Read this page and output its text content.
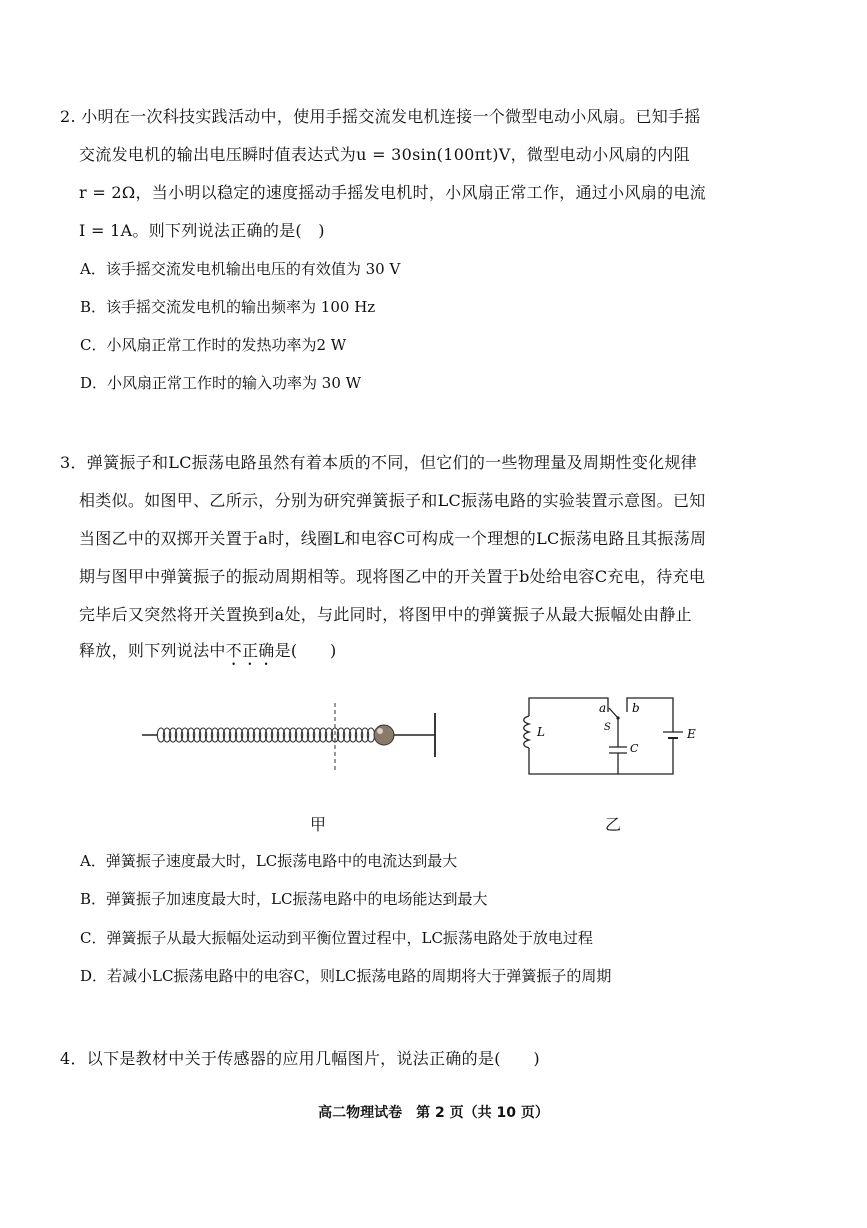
2. 小明在一次科技实践活动中，使用手摇交流发电机连接一个微型电动小风扇。已知手摇
交流发电机的输出电压瞬时值表达式为u = 30sin(100πt)V，微型电动小风扇的内阻
r = 2Ω，当小明以稳定的速度摇动手摇发电机时，小风扇正常工作，通过小风扇的电流
I = 1A。则下列说法正确的是(　)
A．该手摇交流发电机输出电压的有效值为 30 V
B．该手摇交流发电机的输出频率为 100 Hz
C．小风扇正常工作时的发热功率为2 W
D．小风扇正常工作时的输入功率为 30 W
3．弹簧振子和LC振荡电路虽然有着本质的不同，但它们的一些物理量及周期性变化规律
相类似。如图甲、乙所示，分别为研究弹簧振子和LC振荡电路的实验装置示意图。已知
当图乙中的双掷开关置于a时，线圈L和电容C可构成一个理想的LC振荡电路且其振荡周
期与图甲中弹簧振子的振动周期相等。现将图乙中的开关置于b处给电容C充电，待充电
完毕后又突然将开关置换到a处，与此同时，将图甲中的弹簧振子从最大振幅处由静止
释放，则下列说法中不正确是(　　)
L
a b
S
C
E
甲	乙
A．弹簧振子速度最大时，LC振荡电路中的电流达到最大
B．弹簧振子加速度最大时，LC振荡电路中的电场能达到最大
C．弹簧振子从最大振幅处运动到平衡位置过程中，LC振荡电路处于放电过程
D．若减小LC振荡电路中的电容C，则LC振荡电路的周期将大于弹簧振子的周期
4．以下是教材中关于传感器的应用几幅图片，说法正确的是(　　)
高二物理试卷　第 2 页（共 10 页）
